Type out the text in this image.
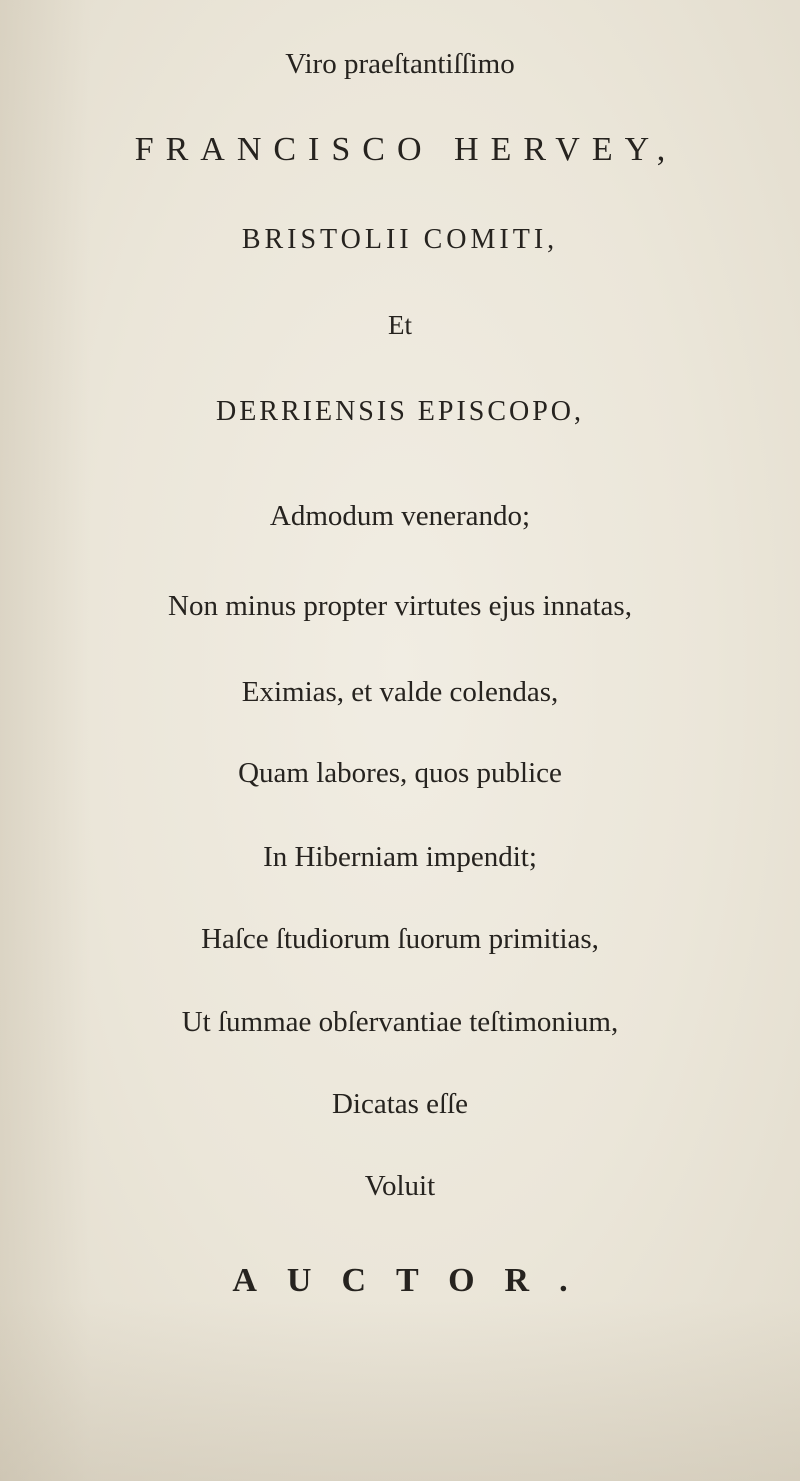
Viro praeſtantiſſimo
FRANCISCO HERVEY,
BRISTOLII COMITI,
Et
DERRIENSIS EPISCOPO,
Admodum venerando;
Non minus propter virtutes ejus innatas,
Eximias, et valde colendas,
Quam labores, quos publice
In Hiberniam impendit;
Haſce ſtudiorum ſuorum primitias,
Ut ſummae obſervantiae teſtimonium,
Dicatas eſſe
Voluit
AUCTOR.
